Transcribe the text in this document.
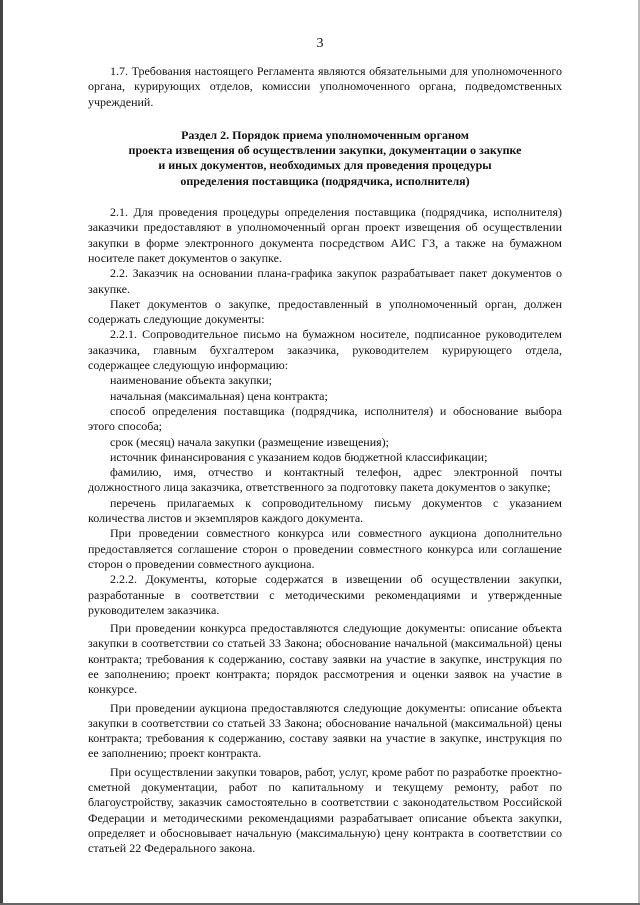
3

1.7. Требования настоящего Регламента являются обязательными для уполномоченного органа, курирующих отделов, комиссии уполномоченного органа, подведомственных учреждений.

Раздел 2. Порядок приема уполномоченным органом
проекта извещения об осуществлении закупки, документации о закупке
и иных документов, необходимых для проведения процедуры
определения поставщика (подрядчика, исполнителя)

2.1. Для проведения процедуры определения поставщика (подрядчика, исполнителя) заказчики предоставляют в уполномоченный орган проект извещения об осуществлении закупки в форме электронного документа посредством АИС ГЗ, а также на бумажном носителе пакет документов о закупке.

2.2. Заказчик на основании плана-графика закупок разрабатывает пакет документов о закупке.

Пакет документов о закупке, предоставленный в уполномоченный орган, должен содержать следующие документы:

2.2.1. Сопроводительное письмо на бумажном носителе, подписанное руководителем заказчика, главным бухгалтером заказчика, руководителем курирующего отдела, содержащее следующую информацию:

наименование объекта закупки;

начальная (максимальная) цена контракта;

способ определения поставщика (подрядчика, исполнителя) и обоснование выбора этого способа;

срок (месяц) начала закупки (размещение извещения);

источник финансирования с указанием кодов бюджетной классификации;

фамилию, имя, отчество и контактный телефон, адрес электронной почты должностного лица заказчика, ответственного за подготовку пакета документов о закупке;

перечень прилагаемых к сопроводительному письму документов с указанием количества листов и экземпляров каждого документа.

При проведении совместного конкурса или совместного аукциона дополнительно предоставляется соглашение сторон о проведении совместного конкурса или соглашение сторон о проведении совместного аукциона.

2.2.2. Документы, которые содержатся в извещении об осуществлении закупки, разработанные в соответствии с методическими рекомендациями и утвержденные руководителем заказчика.

При проведении конкурса предоставляются следующие документы: описание объекта закупки в соответствии со статьей 33 Закона; обоснование начальной (максимальной) цены контракта; требования к содержанию, составу заявки на участие в закупке, инструкция по ее заполнению; проект контракта; порядок рассмотрения и оценки заявок на участие в конкурсе.

При проведении аукциона предоставляются следующие документы: описание объекта закупки в соответствии со статьей 33 Закона; обоснование начальной (максимальной) цены контракта; требования к содержанию, составу заявки на участие в закупке, инструкция по ее заполнению; проект контракта.

При осуществлении закупки товаров, работ, услуг, кроме работ по разработке проектно-сметной документации, работ по капитальному и текущему ремонту, работ по благоустройству, заказчик самостоятельно в соответствии с законодательством Российской Федерации и методическими рекомендациями разрабатывает описание объекта закупки, определяет и обосновывает начальную (максимальную) цену контракта в соответствии со статьей 22 Федерального закона.
